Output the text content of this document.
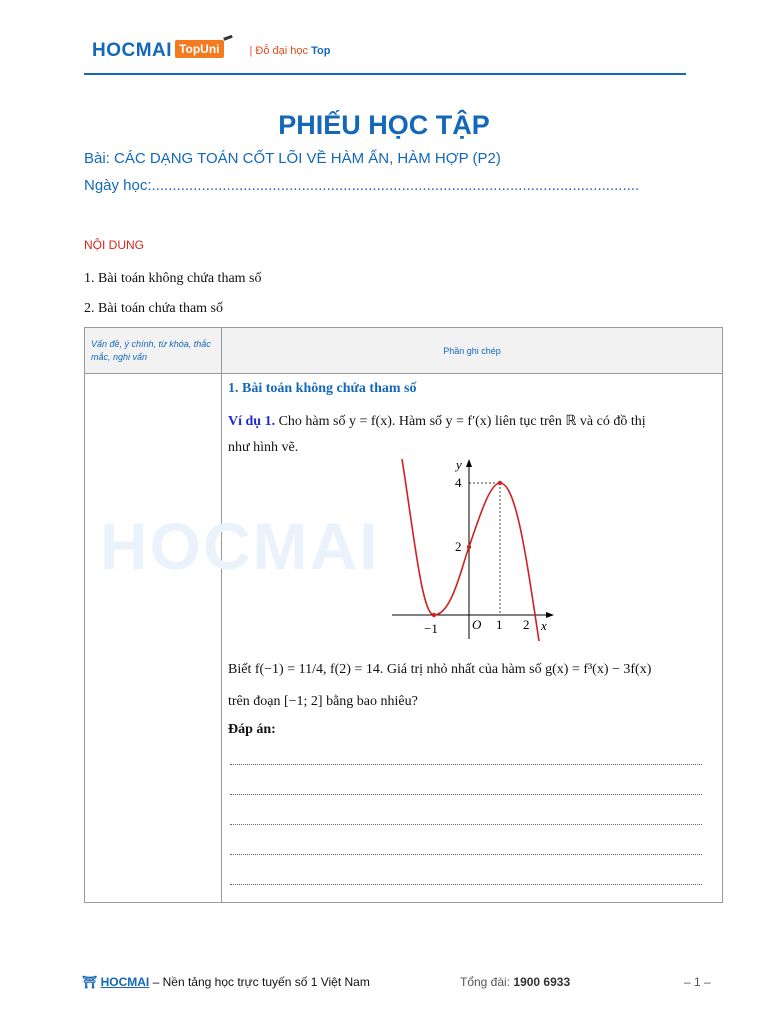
HOCMAI TopUni	| Đỗ đại học Top
PHIẾU HỌC TẬP
Bài: CÁC DẠNG TOÁN CỐT LÕI VỀ HÀM ẨN, HÀM HỢP (P2)
Ngày học:.....................................................................................................................
NỘI DUNG
1. Bài toán không chứa tham số
2. Bài toán chứa tham số
Vấn đề, ý chính, từ khóa, thắc mắc, nghi vấn	Phần ghi chép

HOCMAI
1. Bài toán không chứa tham số
Ví dụ 1. Cho hàm số y = f(x). Hàm số y = f′(x) liên tục trên ℝ và có đồ thị
như hình vẽ.
y
x
O
4
2
−1	1 2
Biết f(−1) = 11/4, f(2) = 14. Giá trị nhỏ nhất của hàm số g(x) = f³(x) − 3f(x)
trên đoạn [−1; 2] bằng bao nhiêu?
Đáp án:
⛩ HOCMAI – Nền tảng học trực tuyến số 1 Việt Nam	Tổng đài: 1900 6933	– 1 –
